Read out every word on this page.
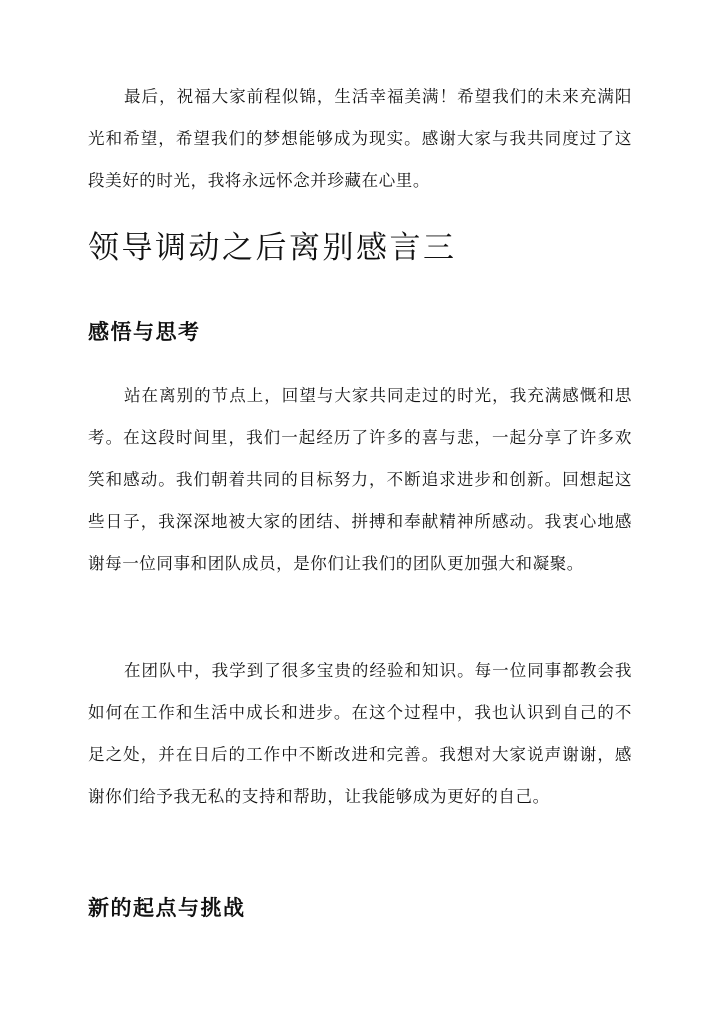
最后，祝福大家前程似锦，生活幸福美满！希望我们的未来充满阳光和希望，希望我们的梦想能够成为现实。感谢大家与我共同度过了这段美好的时光，我将永远怀念并珍藏在心里。

领导调动之后离别感言三
感悟与思考

站在离别的节点上，回望与大家共同走过的时光，我充满感慨和思考。在这段时间里，我们一起经历了许多的喜与悲，一起分享了许多欢笑和感动。我们朝着共同的目标努力，不断追求进步和创新。回想起这些日子，我深深地被大家的团结、拼搏和奉献精神所感动。我衷心地感谢每一位同事和团队成员，是你们让我们的团队更加强大和凝聚。

在团队中，我学到了很多宝贵的经验和知识。每一位同事都教会我如何在工作和生活中成长和进步。在这个过程中，我也认识到自己的不足之处，并在日后的工作中不断改进和完善。我想对大家说声谢谢，感谢你们给予我无私的支持和帮助，让我能够成为更好的自己。

新的起点与挑战
